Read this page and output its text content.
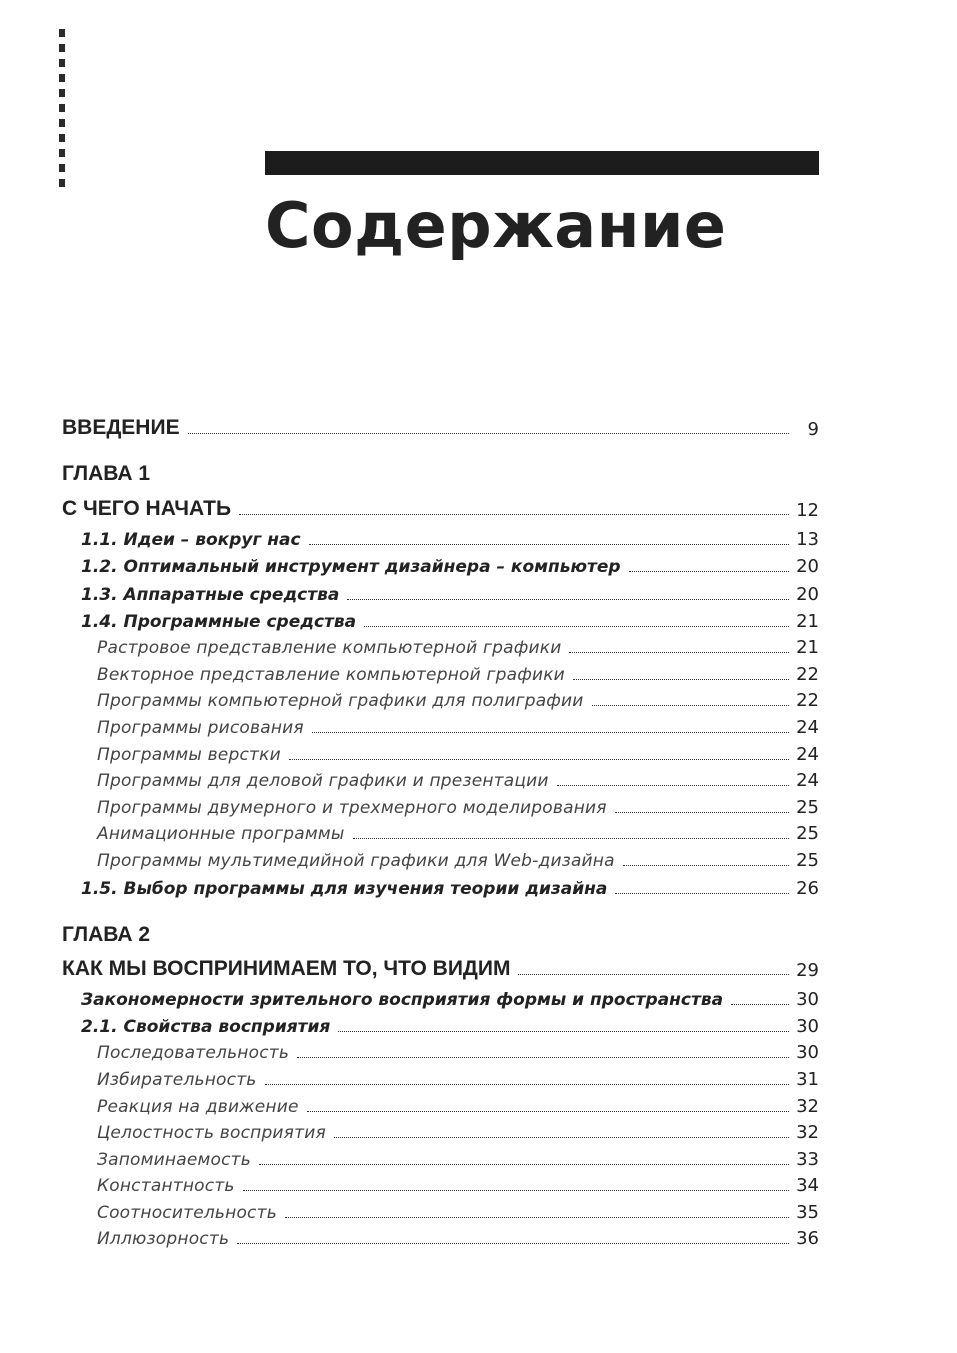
Содержание
ВВЕДЕНИЕ	9
ГЛАВА 1
С ЧЕГО НАЧАТЬ	12
1.1. Идеи – вокруг нас	13
1.2. Оптимальный инструмент дизайнера – компьютер	20
1.3. Аппаратные средства	20
1.4. Программные средства	21
Растровое представление компьютерной графики	21
Векторное представление компьютерной графики	22
Программы компьютерной графики для полиграфии	22
Программы рисования	24
Программы верстки	24
Программы для деловой графики и презентации	24
Программы двумерного и трехмерного моделирования	25
Анимационные программы	25
Программы мультимедийной графики для Web-дизайна	25
1.5. Выбор программы для изучения теории дизайна	26
ГЛАВА 2
КАК МЫ ВОСПРИНИМАЕМ ТО, ЧТО ВИДИМ	29
Закономерности зрительного восприятия формы и пространства	30
2.1. Свойства восприятия	30
Последовательность	30
Избирательность	31
Реакция на движение	32
Целостность восприятия	32
Запоминаемость	33
Константность	34
Соотносительность	35
Иллюзорность	36
